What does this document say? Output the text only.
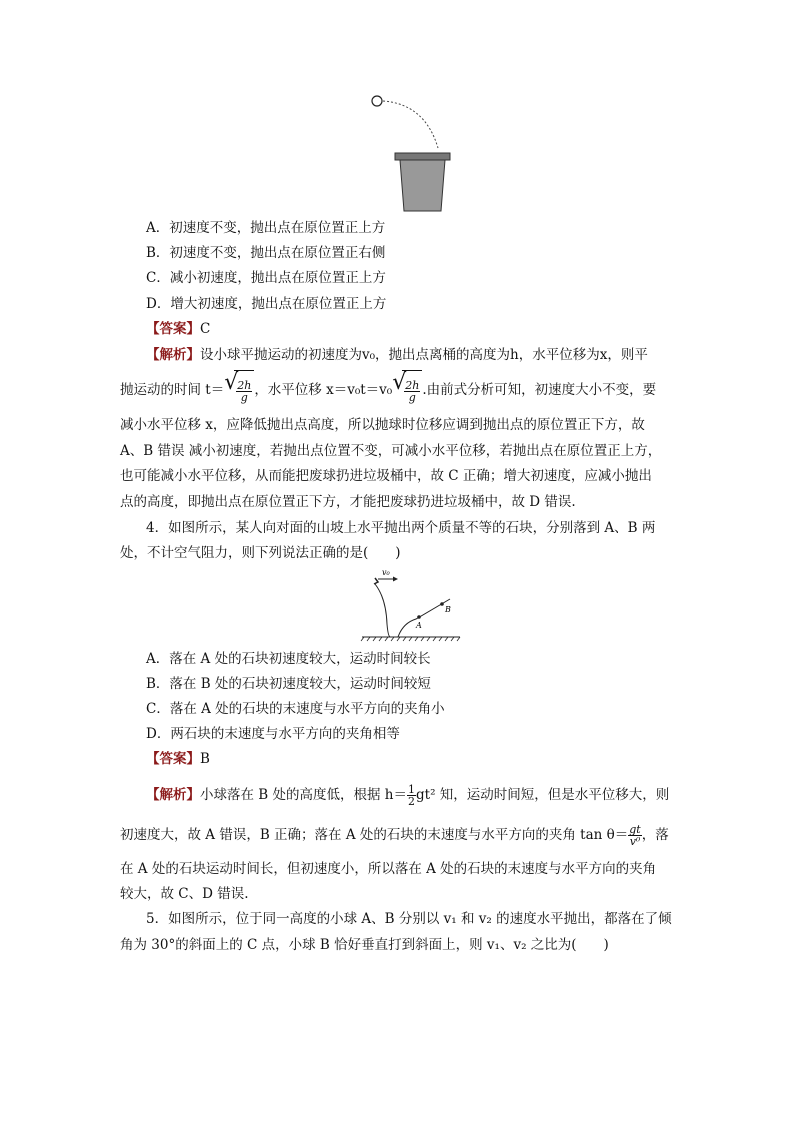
A．初速度不变，抛出点在原位置正上方
B．初速度不变，抛出点在原位置正右侧
C．减小初速度，抛出点在原位置正上方
D．增大初速度，抛出点在原位置正上方
【答案】C
【解析】设小球平抛运动的初速度为v₀，抛出点离桶的高度为h，水平位移为x，则平
抛运动的时间 t＝ √
$\frac{2h}{g}$ ，水平位移 x＝v₀t＝v₀ √
$\frac{2h}{g}$ .由前式分析可知，初速度大小不变，要
减小水平位移 x，应降低抛出点高度，所以抛球时位移应调到抛出点的原位置正下方，故
A、B 错误 减小初速度，若抛出点位置不变，可减小水平位移，若抛出点在原位置正上方，
也可能减小水平位移，从而能把废球扔进垃圾桶中，故 C 正确；增大初速度，应减小抛出
点的高度，即抛出点在原位置正下方，才能把废球扔进垃圾桶中，故 D 错误.
4．如图所示，某人向对面的山坡上水平抛出两个质量不等的石块，分别落到 A、B 两
处，不计空气阻力，则下列说法正确的是(　　)
v₀
A
B
A．落在 A 处的石块初速度较大，运动时间较长
B．落在 B 处的石块初速度较大，运动时间较短
C．落在 A 处的石块的末速度与水平方向的夹角小
D．两石块的末速度与水平方向的夹角相等
【答案】B
【解析】小球落在 B 处的高度低，根据 $h= \frac{1}{2} gt^2$ 知，运动时间短，但是水平位移大，则
初速度大，故 A 错误，B 正确；落在 A 处的石块的末速度与水平方向的夹角 $\tan \theta= \frac{gt}{\text{v⁰}}$ ，落
在 A 处的石块运动时间长，但初速度小，所以落在 A 处的石块的末速度与水平方向的夹角
较大，故 C、D 错误.
5．如图所示，位于同一高度的小球 A、B 分别以 v₁ 和 v₂ 的速度水平抛出，都落在了倾
角为 30°的斜面上的 C 点，小球 B 恰好垂直打到斜面上，则 v₁、v₂ 之比为(　　)
